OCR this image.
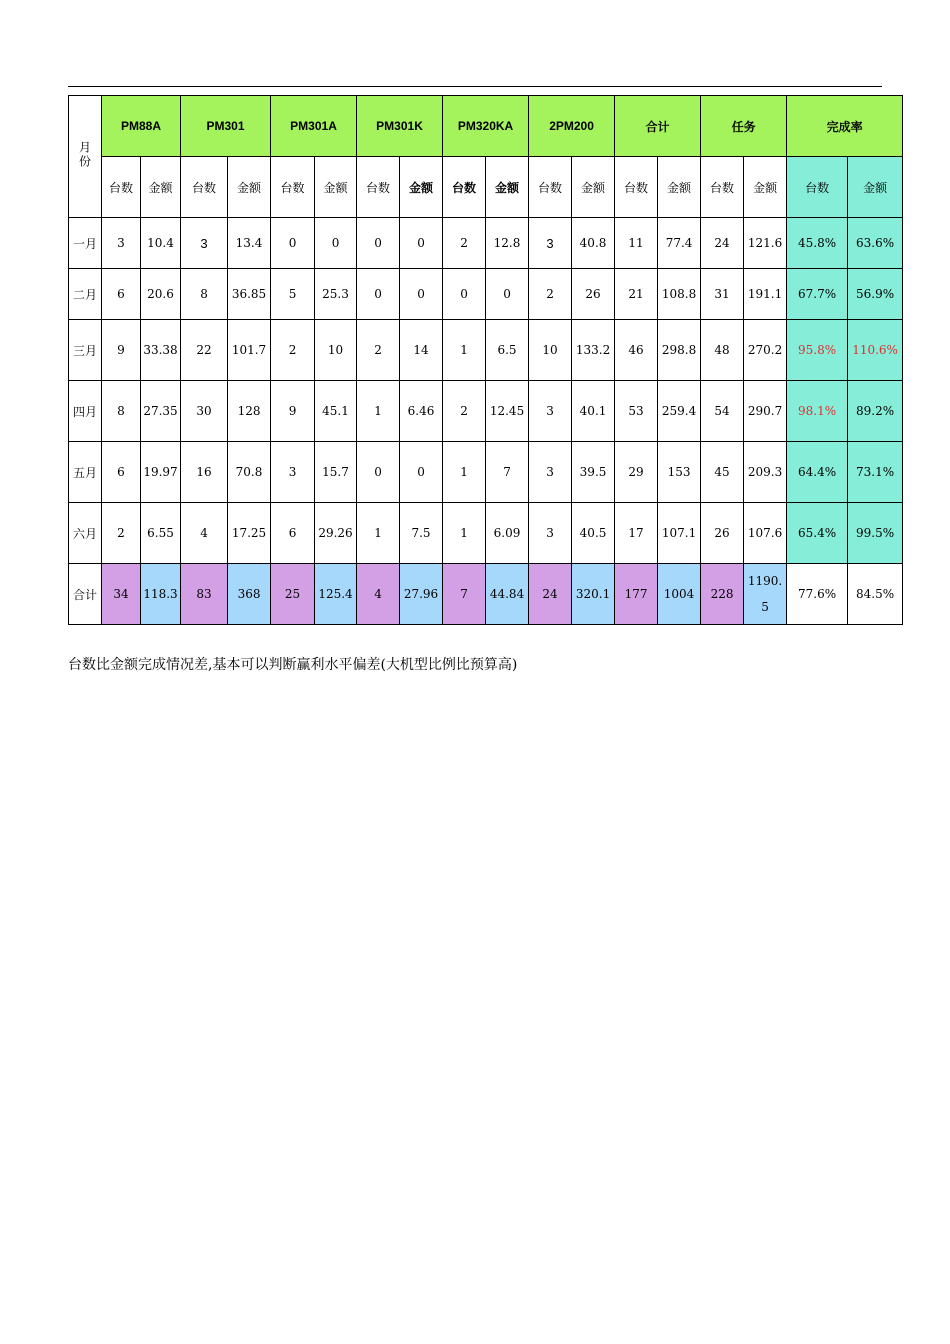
月份	PM88A		PM301		PM301A		PM301K		PM320KA		2PM200		合计		任务		完成率	
	台数	金额	台数	金额	台数	金额	台数	金额	台数	金额	台数	金额	台数	金额	台数	金额	台数	金额
一月	3	10.4	3	13.4	0	0	0	0	2	12.8	3	40.8	11	77.4	24	121.6	45.8%	63.6%
二月	6	20.6	8	36.85	5	25.3	0	0	0	0	2	26	21	108.8	31	191.1	67.7%	56.9%
三月	9	33.38	22	101.7	2	10	2	14	1	6.5	10	133.2	46	298.8	48	270.2	95.8%	110.6%
四月	8	27.35	30	128	9	45.1	1	6.46	2	12.45	3	40.1	53	259.4	54	290.7	98.1%	89.2%
五月	6	19.97	16	70.8	3	15.7	0	0	1	7	3	39.5	29	153	45	209.3	64.4%	73.1%
六月	2	6.55	4	17.25	6	29.26	1	7.5	1	6.09	3	40.5	17	107.1	26	107.6	65.4%	99.5%
合计	34	118.3	83	368	25	125.4	4	27.96	7	44.84	24	320.1	177	1004	228	1190.5	77.6%	84.5%
台数比金额完成情况差,基本可以判断赢利水平偏差(大机型比例比预算高)
